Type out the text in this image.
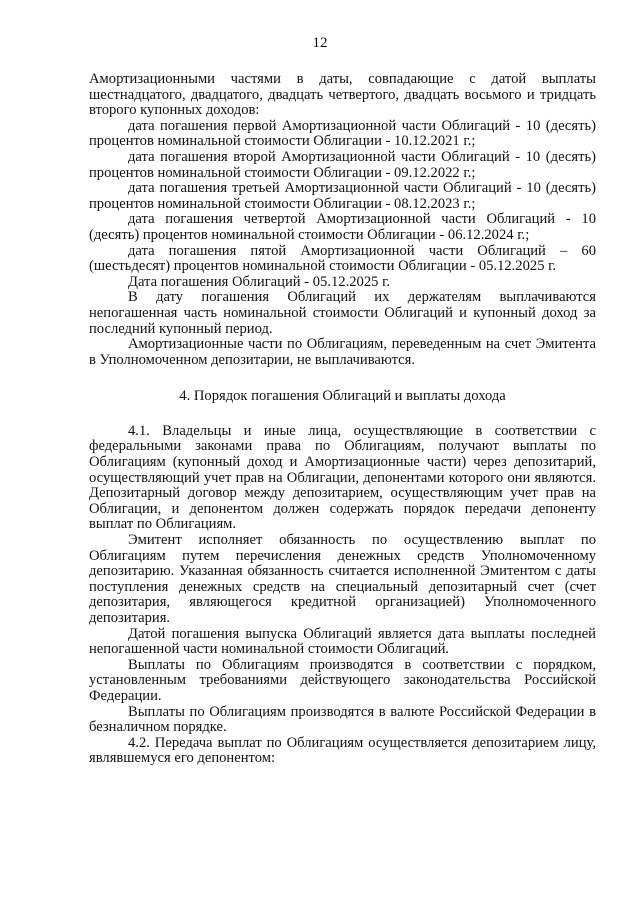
12

Амортизационными частями в даты, совпадающие с датой выплаты шестнадцатого, двадцатого, двадцать четвертого, двадцать восьмого и тридцать второго купонных доходов:

дата погашения первой Амортизационной части Облигаций - 10 (десять) процентов номинальной стоимости Облигации - 10.12.2021 г.;

дата погашения второй Амортизационной части Облигаций - 10 (десять) процентов номинальной стоимости Облигации - 09.12.2022 г.;

дата погашения третьей Амортизационной части Облигаций - 10 (десять) процентов номинальной стоимости Облигации - 08.12.2023 г.;

дата погашения четвертой Амортизационной части Облигаций - 10 (десять) процентов номинальной стоимости Облигации - 06.12.2024 г.;

дата погашения пятой Амортизационной части Облигаций – 60 (шестьдесят) процентов номинальной стоимости Облигации - 05.12.2025 г.

Дата погашения Облигаций - 05.12.2025 г.

В дату погашения Облигаций их держателям выплачиваются непогашенная часть номинальной стоимости Облигаций и купонный доход за последний купонный период.

Амортизационные части по Облигациям, переведенным на счет Эмитента в Уполномоченном депозитарии, не выплачиваются.

4. Порядок погашения Облигаций и выплаты дохода

4.1. Владельцы и иные лица, осуществляющие в соответствии с федеральными законами права по Облигациям, получают выплаты по Облигациям (купонный доход и Амортизационные части) через депозитарий, осуществляющий учет прав на Облигации, депонентами которого они являются. Депозитарный договор между депозитарием, осуществляющим учет прав на Облигации, и депонентом должен содержать порядок передачи депоненту выплат по Облигациям.

Эмитент исполняет обязанность по осуществлению выплат по Облигациям путем перечисления денежных средств Уполномоченному депозитарию. Указанная обязанность считается исполненной Эмитентом с даты поступления денежных средств на специальный депозитарный счет (счет депозитария, являющегося кредитной организацией) Уполномоченного депозитария.

Датой погашения выпуска Облигаций является дата выплаты последней непогашенной части номинальной стоимости Облигаций.

Выплаты по Облигациям производятся в соответствии с порядком, установленным требованиями действующего законодательства Российской Федерации.

Выплаты по Облигациям производятся в валюте Российской Федерации в безналичном порядке.

4.2. Передача выплат по Облигациям осуществляется депозитарием лицу, являвшемуся его депонентом:
